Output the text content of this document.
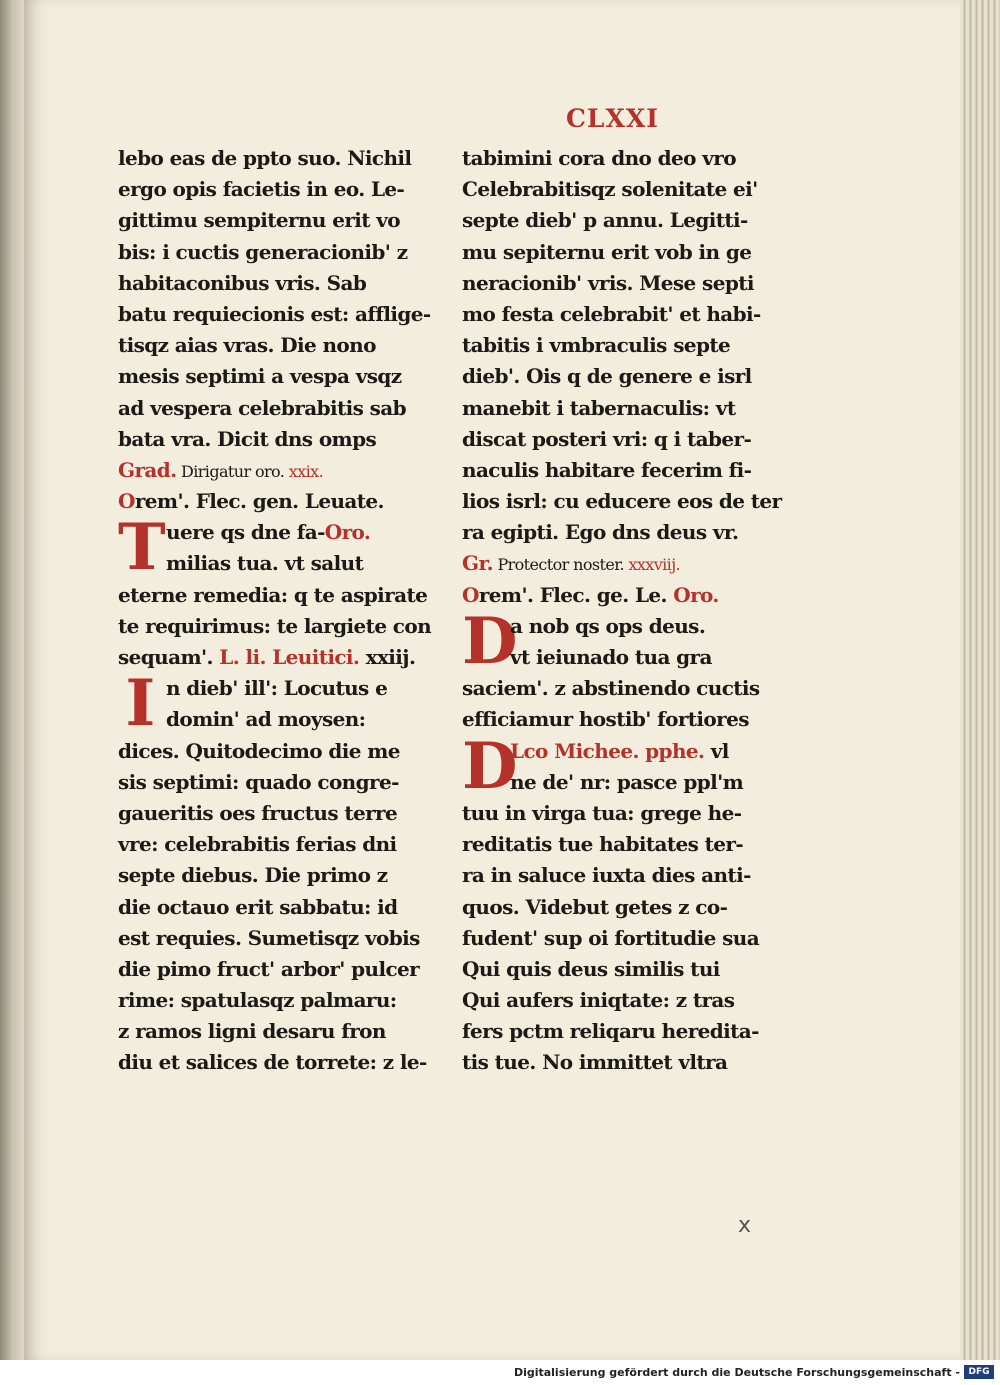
CLXXI
lebo eas de ppto suo. Nichil
ergo opis facietis in eo. Le-
gittimu sempiternu erit vo
bis: i cuctis generacionib' z
habitaconibus vris. Sab
batu requiecionis est: afflige-
tisqz aias vras. Die nono
mesis septimi a vespa vsqz
ad vespera celebrabitis sab
bata vra. Dicit dns omps
Grad. Dirigatur oro. xxix.
Orem'. Flec. gen. Leuate.
Tuere qs dne fa-Oro.
milias tua. vt salut
eterne remedia: q te aspirate
te requirimus: te largiete con
sequam'. L. li. Leuitici. xxiij.
In dieb' ill': Locutus e
domin' ad moysen:
dices. Quitodecimo die me
sis septimi: quado congre-
gaueritis oes fructus terre
vre: celebrabitis ferias dni
septe diebus. Die primo z
die octauo erit sabbatu: id
est requies. Sumetisqz vobis
die pimo fruct' arbor' pulcer
rime: spatulasqz palmaru:
z ramos ligni desaru fron
diu et salices de torrete: z le-
tabimini cora dno deo vro
Celebrabitisqz solenitate ei'
septe dieb' p annu. Legitti-
mu sepiternu erit vob in ge
neracionib' vris. Mese septi
mo festa celebrabit' et habi-
tabitis i vmbraculis septe
dieb'. Ois q de genere e isrl
manebit i tabernaculis: vt
discat posteri vri: q i taber-
naculis habitare fecerim fi-
lios isrl: cu educere eos de ter
ra egipti. Ego dns deus vr.
Gr. Protector noster. xxxviij.
Orem'. Flec. ge. Le. Oro.
D
a nob qs ops deus.
vt ieiunado tua gra
saciem'. z abstinendo cuctis
efficiamur hostib' fortiores
D
Lco Michee. pphe. vl
ne de' nr: pasce ppl'm
tuu in virga tua: grege he-
reditatis tue habitates ter-
ra in saluce iuxta dies anti-
quos. Videbut getes z co-
fudent' sup oi fortitudie sua
Qui quis deus similis tui
Qui aufers iniqtate: z tras
fers pctm reliqaru heredita-
tis tue. No immittet vltra
x
Digitalisierung gefördert durch die Deutsche Forschungsgemeinschaft - DFG
